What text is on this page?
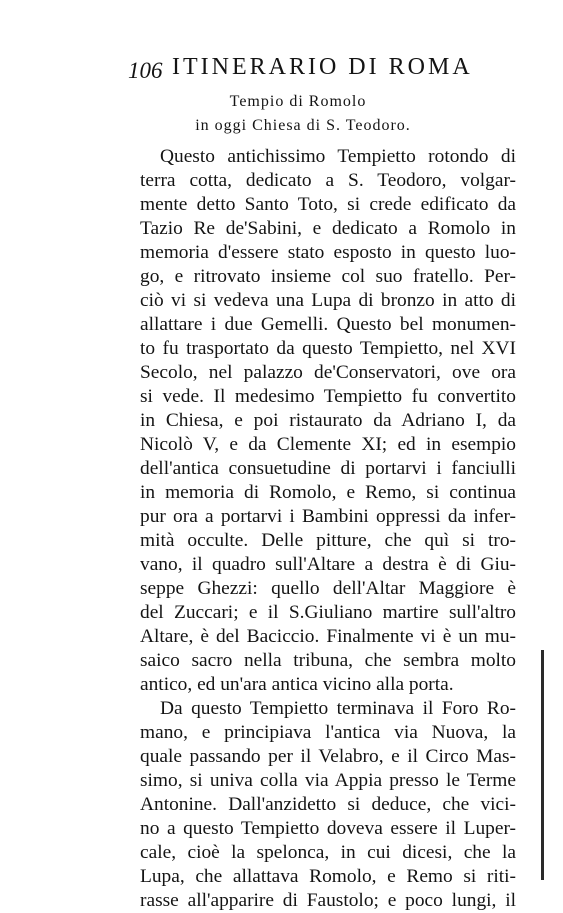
106 ITINERARIO DI ROMA
Tempio di Romolo
in oggi Chiesa di S. Teodoro.
Questo antichissimo Tempietto rotondo di
terra cotta, dedicato a S. Teodoro, volgar-
mente detto Santo Toto, si crede edificato da
Tazio Re de'Sabini, e dedicato a Romolo in
memoria d'essere stato esposto in questo luo-
go, e ritrovato insieme col suo fratello. Per-
ciò vi si vedeva una Lupa di bronzo in atto di
allattare i due Gemelli. Questo bel monumen-
to fu trasportato da questo Tempietto, nel XVI
Secolo, nel palazzo de'Conservatori, ove ora
si vede. Il medesimo Tempietto fu convertito
in Chiesa, e poi ristaurato da Adriano I, da
Nicolò V, e da Clemente XI; ed in esempio
dell'antica consuetudine di portarvi i fanciulli
in memoria di Romolo, e Remo, si continua
pur ora a portarvi i Bambini oppressi da infer-
mità occulte. Delle pitture, che quì si tro-
vano, il quadro sull'Altare a destra è di Giu-
seppe Ghezzi: quello dell'Altar Maggiore è
del Zuccari; e il S.Giuliano martire sull'altro
Altare, è del Baciccio. Finalmente vi è un mu-
saico sacro nella tribuna, che sembra molto
antico, ed un'ara antica vicino alla porta.
Da questo Tempietto terminava il Foro Ro-
mano, e principiava l'antica via Nuova, la
quale passando per il Velabro, e il Circo Mas-
simo, si univa colla via Appia presso le Terme
Antonine. Dall'anzidetto si deduce, che vici-
no a questo Tempietto doveva essere il Luper-
cale, cioè la spelonca, in cui dicesi, che la
Lupa, che allattava Romolo, e Remo si riti-
rasse all'apparire di Faustolo; e poco lungi, il
